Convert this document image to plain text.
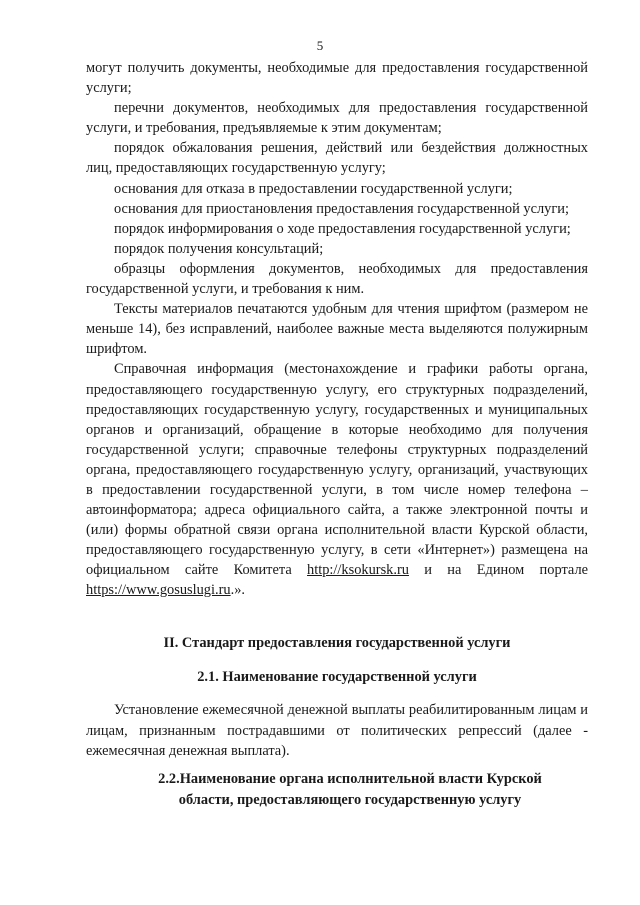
5

могут получить документы, необходимые для предоставления государственной услуги;

перечни документов, необходимых для предоставления государственной услуги, и требования, предъявляемые к этим документам;

порядок обжалования решения, действий или бездействия должностных лиц, предоставляющих государственную услугу;

основания для отказа в предоставлении государственной услуги;

основания для приостановления предоставления государственной услуги;

порядок информирования о ходе предоставления государственной услуги;

порядок получения консультаций;

образцы оформления документов, необходимых для предоставления государственной услуги, и требования к ним.

Тексты материалов печатаются удобным для чтения шрифтом (размером не меньше 14), без исправлений, наиболее важные места выделяются полужирным шрифтом.

Справочная информация (местонахождение и графики работы органа, предоставляющего государственную услугу, его структурных подразделений, предоставляющих государственную услугу, государственных и муниципальных органов и организаций, обращение в которые необходимо для получения государственной услуги; справочные телефоны структурных подразделений органа, предоставляющего государственную услугу, организаций, участвующих в предоставлении государственной услуги, в том числе номер телефона – автоинформатора; адреса официального сайта, а также электронной почты и (или) формы обратной связи органа исполнительной власти Курской области, предоставляющего государственную услугу, в сети «Интернет») размещена на официальном сайте Комитета http://ksokursk.ru и на Едином портале https://www.gosuslugi.ru.».

II. Стандарт предоставления государственной услуги
2.1. Наименование государственной услуги

Установление ежемесячной денежной выплаты реабилитированным лицам и лицам, признанным пострадавшими от политических репрессий (далее - ежемесячная денежная выплата).

2.2.Наименование органа исполнительной власти Курской области, предоставляющего государственную услугу
